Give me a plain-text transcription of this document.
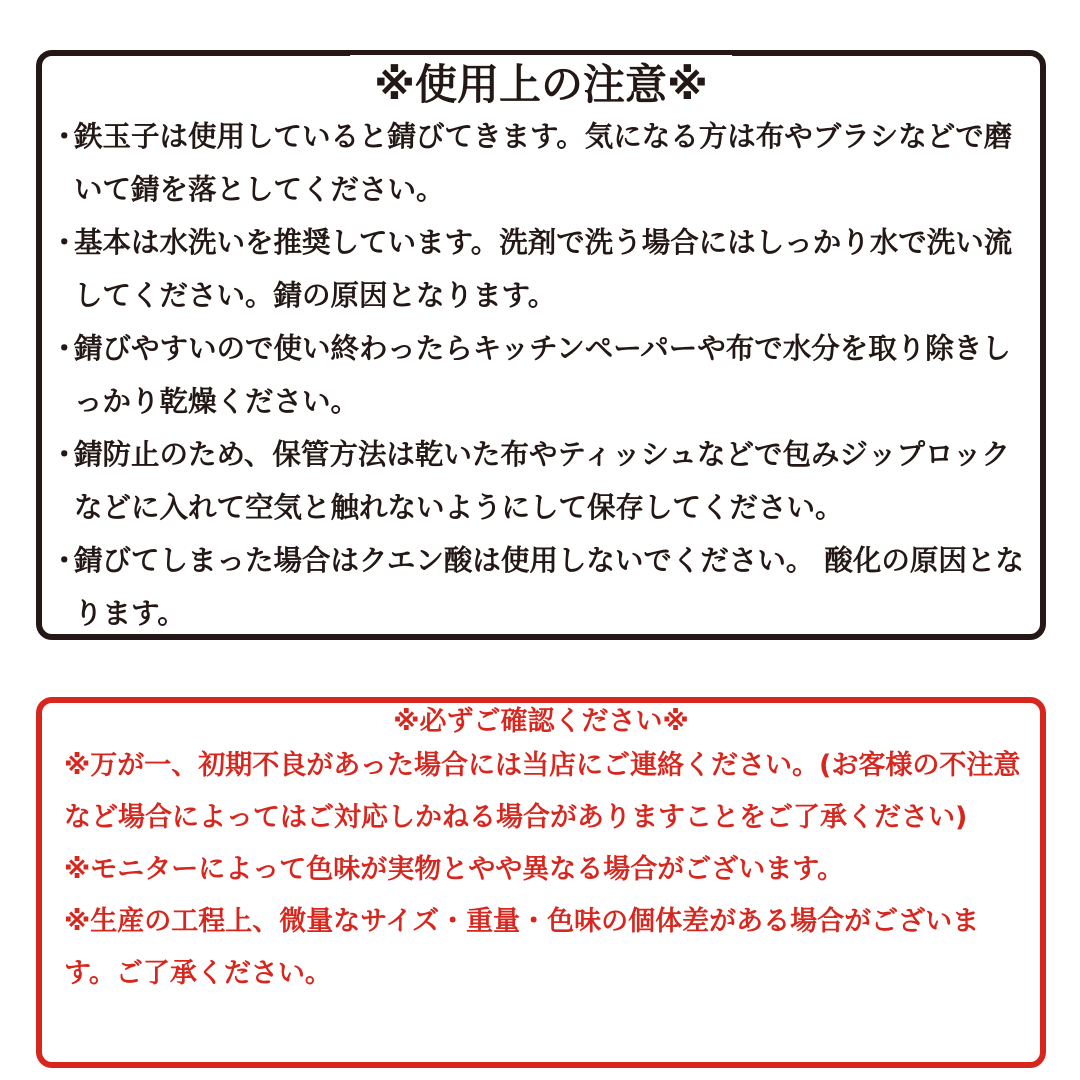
※使用上の注意※
・
鉄玉子は使用していると錆びてきます。気になる方は布やブラシなどで磨いて錆を落としてください。
・
基本は水洗いを推奨しています。洗剤で洗う場合にはしっかり水で洗い流してください。錆の原因となります。
・
錆びやすいので使い終わったらキッチンペーパーや布で水分を取り除きしっかり乾燥ください。
・
錆防止のため、保管方法は乾いた布やティッシュなどで包みジップロックなどに入れて空気と触れないようにして保存してください。
・
錆びてしまった場合はクエン酸は使用しないでください。 酸化の原因となります。
※必ずご確認ください※
※万が一、初期不良があった場合には当店にご連絡ください。(お客様の不注意など場合によってはご対応しかねる場合がありますことをご了承ください)
※モニターによって色味が実物とやや異なる場合がございます。
※生産の工程上、微量なサイズ・重量・色味の個体差がある場合がございます。ご了承ください。
